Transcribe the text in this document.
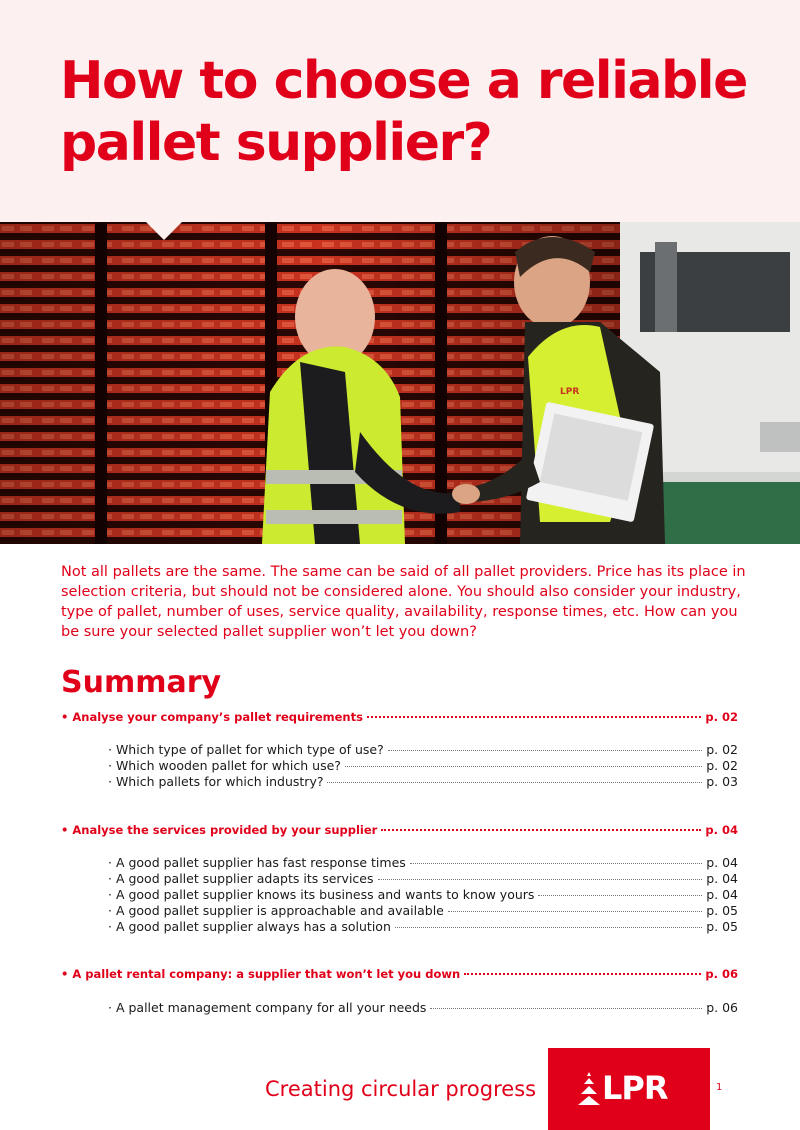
How to choose a reliable pallet supplier?
LPR

Not all pallets are the same. The same can be said of all pallet providers. Price has its place in selection criteria, but should not be considered alone. You should also consider your industry, type of pallet, number of uses, service quality, availability, response times, etc. How can you be sure your selected pallet supplier won’t let you down?

Summary
• Analyse your company’s pallet requirements	p. 02
· Which type of pallet for which type of use?	p. 02
· Which wooden pallet for which use?	p. 02
· Which pallets for which industry?	p. 03
• Analyse the services provided by your supplier	p. 04
· A good pallet supplier has fast response times	p. 04
· A good pallet supplier adapts its services	p. 04
· A good pallet supplier knows its business and wants to know yours	p. 04
· A good pallet supplier is approachable and available	p. 05
· A good pallet supplier always has a solution	p. 05
• A pallet rental company: a supplier that won’t let you down	p. 06
· A pallet management company for all your needs	p. 06
Creating circular progress LPR	1
